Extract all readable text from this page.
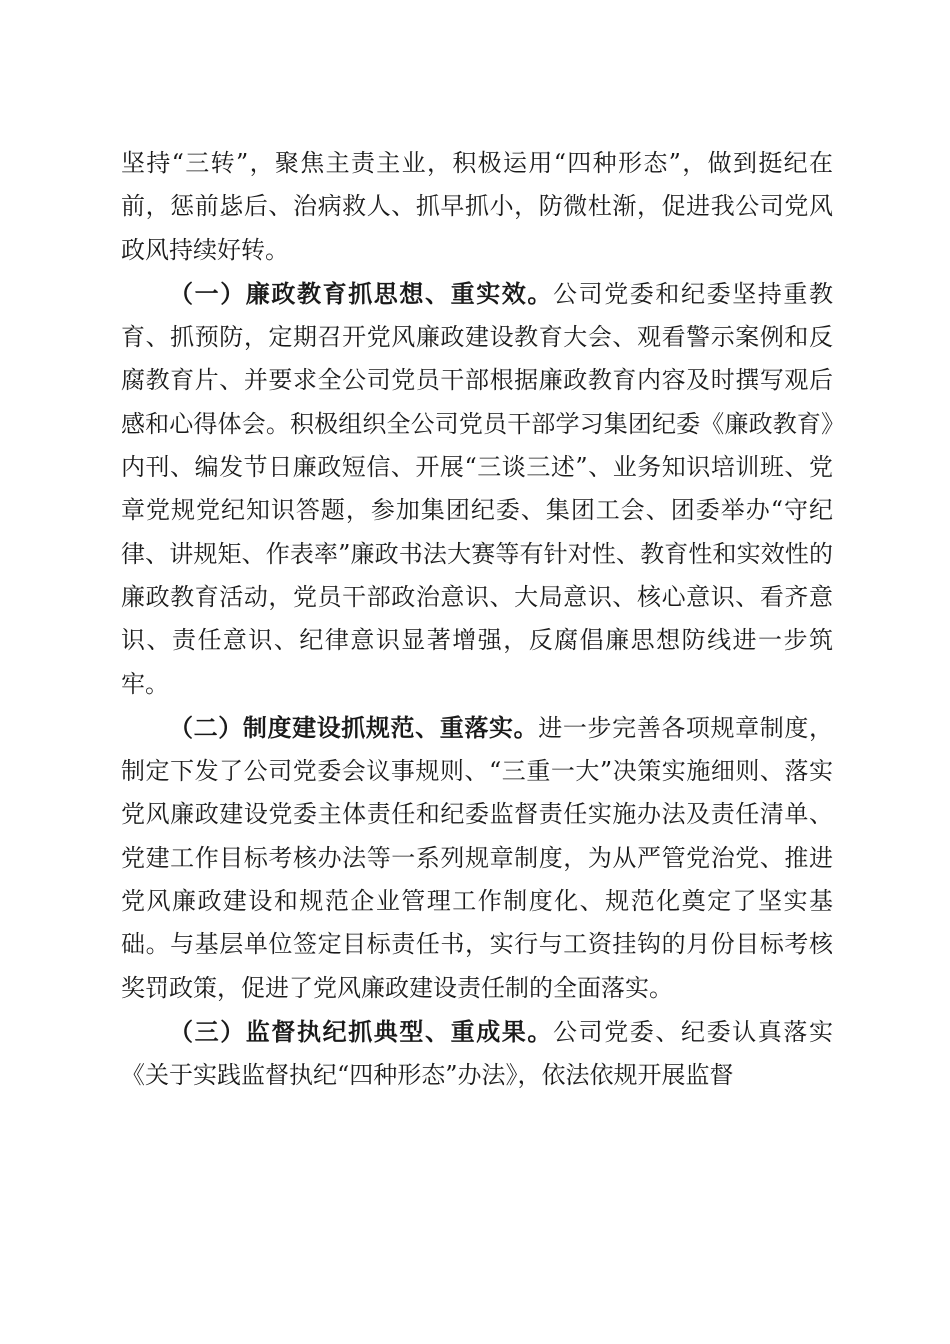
坚持“三转”，聚焦主责主业，积极运用“四种形态”，做到挺纪在前，惩前毖后、治病救人、抓早抓小，防微杜渐，促进我公司党风政风持续好转。

（一）廉政教育抓思想、重实效。公司党委和纪委坚持重教育、抓预防，定期召开党风廉政建设教育大会、观看警示案例和反腐教育片、并要求全公司党员干部根据廉政教育内容及时撰写观后感和心得体会。积极组织全公司党员干部学习集团纪委《廉政教育》内刊、编发节日廉政短信、开展“三谈三述”、业务知识培训班、党章党规党纪知识答题，参加集团纪委、集团工会、团委举办“守纪律、讲规矩、作表率”廉政书法大赛等有针对性、教育性和实效性的廉政教育活动，党员干部政治意识、大局意识、核心意识、看齐意识、责任意识、纪律意识显著增强，反腐倡廉思想防线进一步筑牢。

（二）制度建设抓规范、重落实。进一步完善各项规章制度，制定下发了公司党委会议事规则、“三重一大”决策实施细则、落实党风廉政建设党委主体责任和纪委监督责任实施办法及责任清单、党建工作目标考核办法等一系列规章制度，为从严管党治党、推进党风廉政建设和规范企业管理工作制度化、规范化奠定了坚实基础。与基层单位签定目标责任书，实行与工资挂钩的月份目标考核奖罚政策，促进了党风廉政建设责任制的全面落实。

（三）监督执纪抓典型、重成果。公司党委、纪委认真落实《关于实践监督执纪“四种形态”办法》，依法依规开展监督
